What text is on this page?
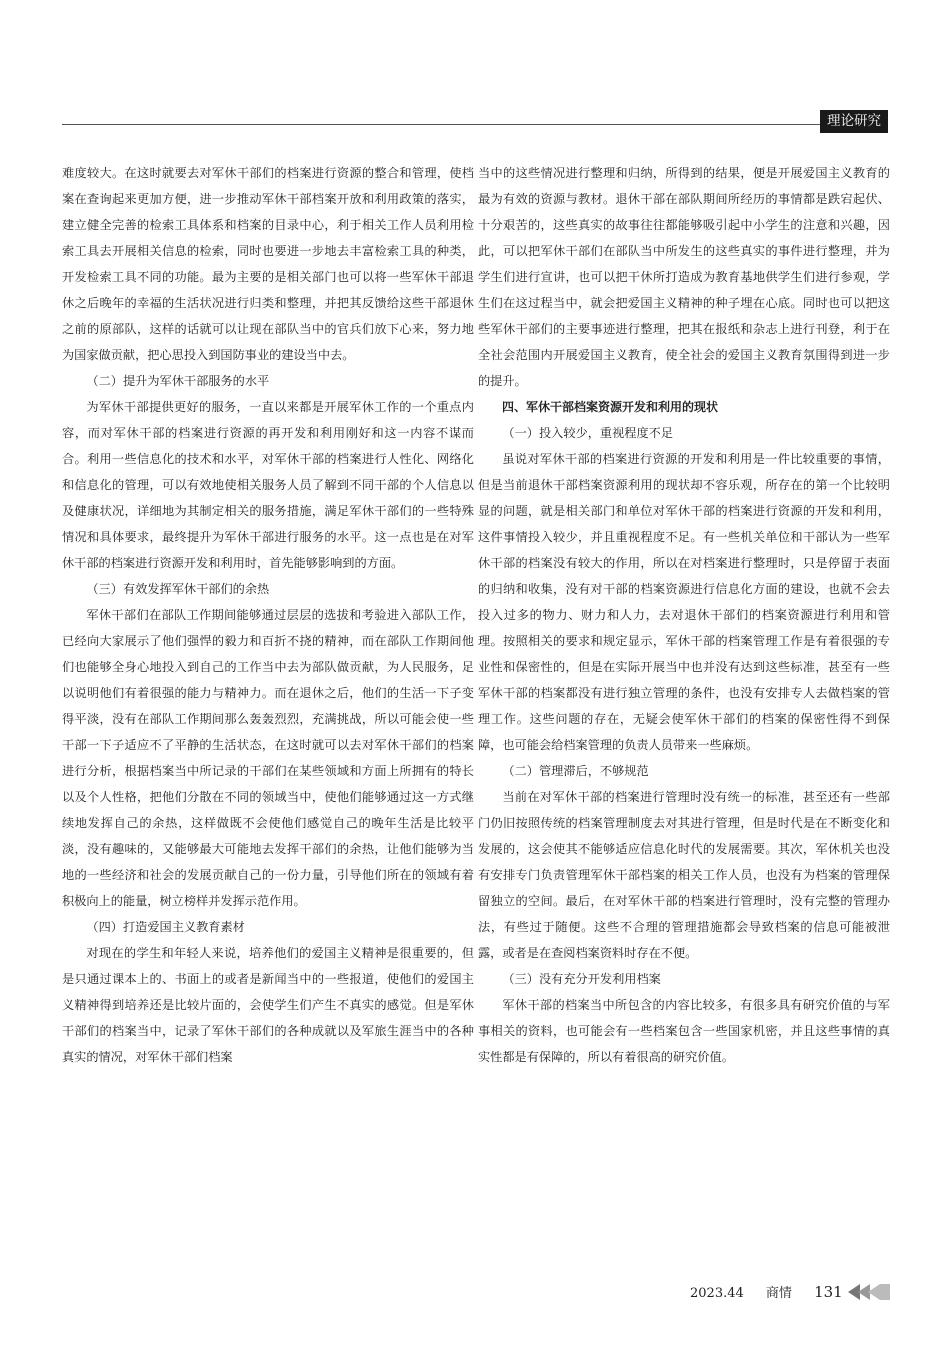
理论研究

难度较大。在这时就要去对军休干部们的档案进行资源的整合和管理，使档案在查询起来更加方便，进一步推动军休干部档案开放和利用政策的落实，建立健全完善的检索工具体系和档案的目录中心，利于相关工作人员利用检索工具去开展相关信息的检索，同时也要进一步地去丰富检索工具的种类，开发检索工具不同的功能。最为主要的是相关部门也可以将一些军休干部退休之后晚年的幸福的生活状况进行归类和整理，并把其反馈给这些干部退休之前的原部队，这样的话就可以让现在部队当中的官兵们放下心来，努力地为国家做贡献，把心思投入到国防事业的建设当中去。

（二）提升为军休干部服务的水平

为军休干部提供更好的服务，一直以来都是开展军休工作的一个重点内容，而对军休干部的档案进行资源的再开发和利用刚好和这一内容不谋而合。利用一些信息化的技术和水平，对军休干部的档案进行人性化、网络化和信息化的管理，可以有效地使相关服务人员了解到不同干部的个人信息以及健康状况，详细地为其制定相关的服务措施，满足军休干部们的一些特殊情况和具体要求，最终提升为军休干部进行服务的水平。这一点也是在对军休干部的档案进行资源开发和利用时，首先能够影响到的方面。

（三）有效发挥军休干部们的余热

军休干部们在部队工作期间能够通过层层的选拔和考验进入部队工作，已经向大家展示了他们强悍的毅力和百折不挠的精神，而在部队工作期间他们也能够全身心地投入到自己的工作当中去为部队做贡献，为人民服务，足以说明他们有着很强的能力与精神力。而在退休之后，他们的生活一下子变得平淡，没有在部队工作期间那么轰轰烈烈，充满挑战，所以可能会使一些干部一下子适应不了平静的生活状态，在这时就可以去对军休干部们的档案进行分析，根据档案当中所记录的干部们在某些领域和方面上所拥有的特长以及个人性格，把他们分散在不同的领域当中，使他们能够通过这一方式继续地发挥自己的余热，这样做既不会使他们感觉自己的晚年生活是比较平淡，没有趣味的，又能够最大可能地去发挥干部们的余热，让他们能够为当地的一些经济和社会的发展贡献自己的一份力量，引导他们所在的领域有着积极向上的能量，树立榜样并发挥示范作用。

（四）打造爱国主义教育素材

对现在的学生和年轻人来说，培养他们的爱国主义精神是很重要的，但是只通过课本上的、书面上的或者是新闻当中的一些报道，使他们的爱国主义精神得到培养还是比较片面的，会使学生们产生不真实的感觉。但是军休干部们的档案当中，记录了军休干部们的各种成就以及军旅生涯当中的各种真实的情况，对军休干部们档案

当中的这些情况进行整理和归纳，所得到的结果，便是开展爱国主义教育的最为有效的资源与教材。退休干部在部队期间所经历的事情都是跌宕起伏、十分艰苦的，这些真实的故事往往都能够吸引起中小学生的注意和兴趣，因此，可以把军休干部们在部队当中所发生的这些真实的事件进行整理，并为学生们进行宣讲，也可以把干休所打造成为教育基地供学生们进行参观，学生们在这过程当中，就会把爱国主义精神的种子埋在心底。同时也可以把这些军休干部们的主要事迹进行整理，把其在报纸和杂志上进行刊登，利于在全社会范围内开展爱国主义教育，使全社会的爱国主义教育氛围得到进一步的提升。

四、军休干部档案资源开发和利用的现状

（一）投入较少，重视程度不足

虽说对军休干部的档案进行资源的开发和利用是一件比较重要的事情，但是当前退休干部档案资源利用的现状却不容乐观，所存在的第一个比较明显的问题，就是相关部门和单位对军休干部的档案进行资源的开发和利用，这件事情投入较少，并且重视程度不足。有一些机关单位和干部认为一些军休干部的档案没有较大的作用，所以在对档案进行整理时，只是停留于表面的归纳和收集，没有对干部的档案资源进行信息化方面的建设，也就不会去投入过多的物力、财力和人力，去对退休干部们的档案资源进行利用和管理。按照相关的要求和规定显示，军休干部的档案管理工作是有着很强的专业性和保密性的，但是在实际开展当中也并没有达到这些标准，甚至有一些军休干部的档案都没有进行独立管理的条件，也没有安排专人去做档案的管理工作。这些问题的存在，无疑会使军休干部们的档案的保密性得不到保障，也可能会给档案管理的负责人员带来一些麻烦。

（二）管理滞后，不够规范

当前在对军休干部的档案进行管理时没有统一的标准，甚至还有一些部门仍旧按照传统的档案管理制度去对其进行管理，但是时代是在不断变化和发展的，这会使其不能够适应信息化时代的发展需要。其次，军休机关也没有安排专门负责管理军休干部档案的相关工作人员，也没有为档案的管理保留独立的空间。最后，在对军休干部的档案进行管理时，没有完整的管理办法，有些过于随便。这些不合理的管理措施都会导致档案的信息可能被泄露，或者是在查阅档案资料时存在不便。

（三）没有充分开发利用档案

军休干部的档案当中所包含的内容比较多，有很多具有研究价值的与军事相关的资料，也可能会有一些档案包含一些国家机密，并且这些事情的真实性都是有保障的，所以有着很高的研究价值。

2023.44 商情 131
